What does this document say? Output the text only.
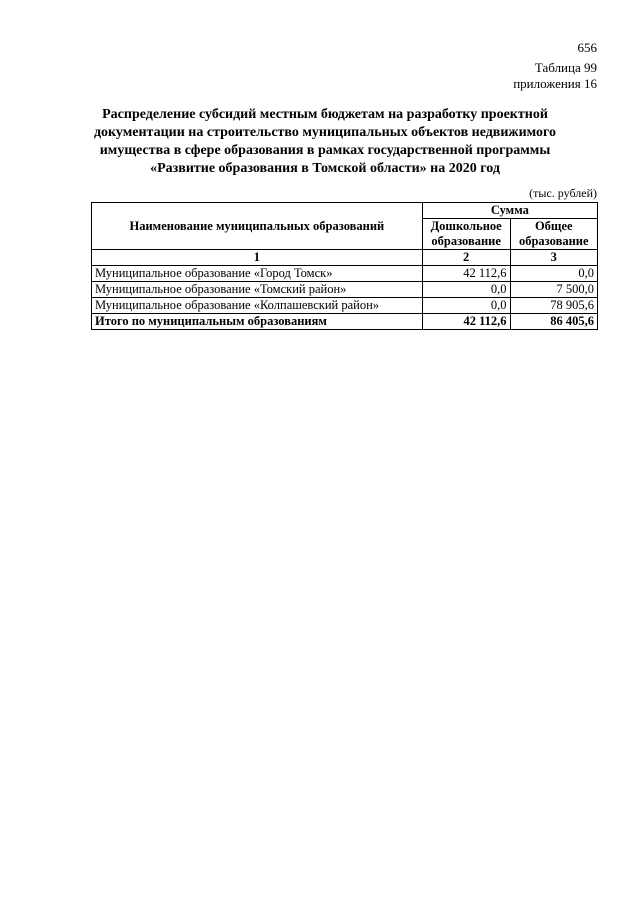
656
Таблица 99
приложения 16
Распределение субсидий местным бюджетам на разработку проектной
документации на строительство муниципальных объектов недвижимого
имущества в сфере образования в рамках государственной программы
«Развитие образования в Томской области» на 2020 год
(тыс. рублей)
Наименование муниципальных образований	Сумма	
	Дошкольное образование	Общее образование
1	2	3
Муниципальное образование «Город Томск»	42 112,6	0,0
Муниципальное образование «Томский район»	0,0	7 500,0
Муниципальное образование «Колпашевский район»	0,0	78 905,6
Итого по муниципальным образованиям	42 112,6	86 405,6
